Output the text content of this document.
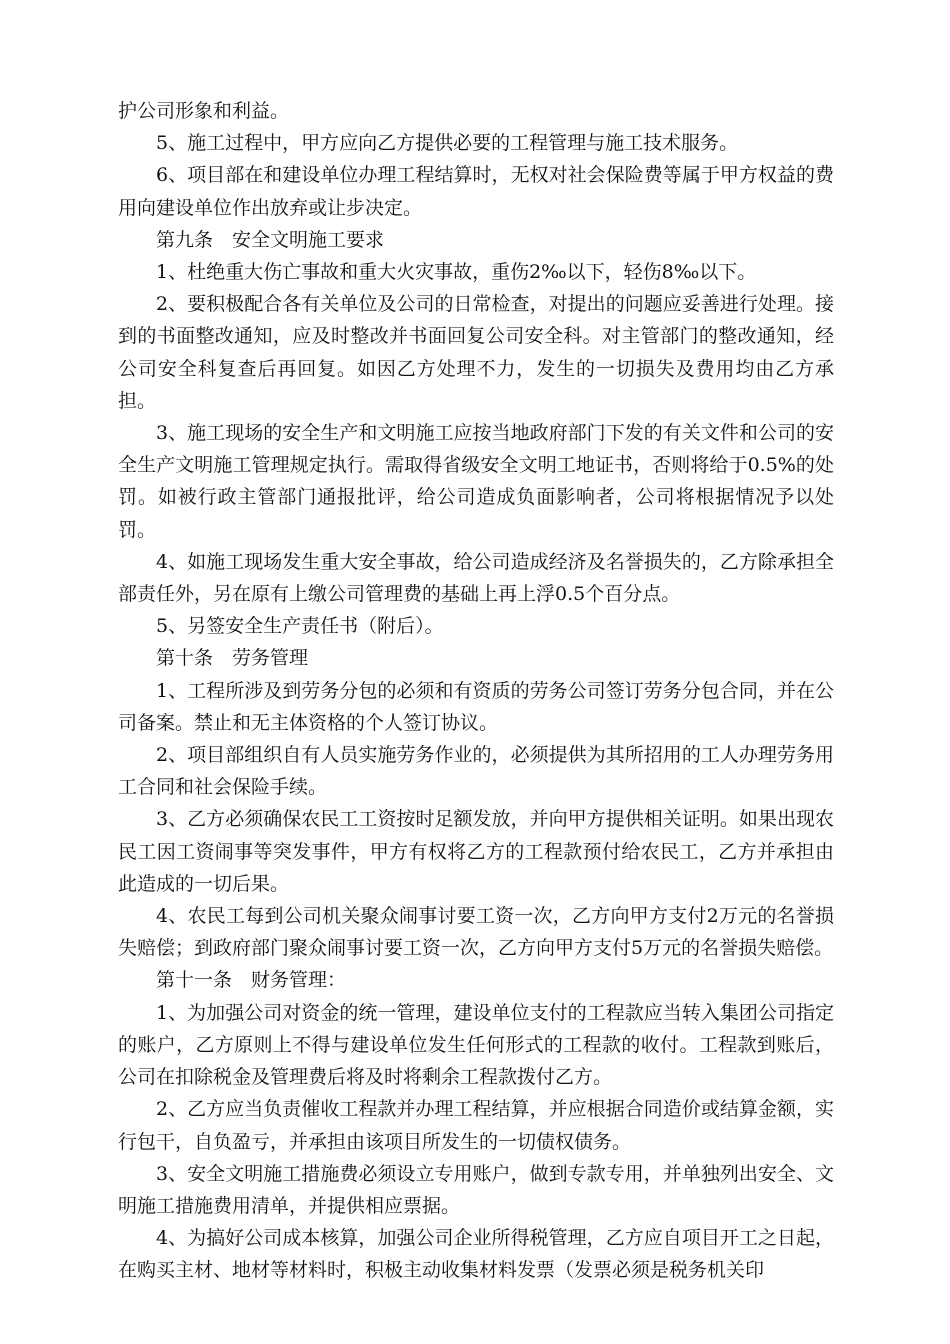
护公司形象和利益。

5、施工过程中，甲方应向乙方提供必要的工程管理与施工技术服务。

6、项目部在和建设单位办理工程结算时，无权对社会保险费等属于甲方权益的费用向建设单位作出放弃或让步决定。

第九条　安全文明施工要求

1、杜绝重大伤亡事故和重大火灾事故，重伤2‰以下，轻伤8‰以下。

2、要积极配合各有关单位及公司的日常检查，对提出的问题应妥善进行处理。接到的书面整改通知，应及时整改并书面回复公司安全科。对主管部门的整改通知，经公司安全科复查后再回复。如因乙方处理不力，发生的一切损失及费用均由乙方承担。

3、施工现场的安全生产和文明施工应按当地政府部门下发的有关文件和公司的安全生产文明施工管理规定执行。需取得省级安全文明工地证书，否则将给于0.5%的处罚。如被行政主管部门通报批评，给公司造成负面影响者，公司将根据情况予以处罚。

4、如施工现场发生重大安全事故，给公司造成经济及名誉损失的，乙方除承担全部责任外，另在原有上缴公司管理费的基础上再上浮0.5个百分点。

5、另签安全生产责任书（附后）。

第十条　劳务管理

1、工程所涉及到劳务分包的必须和有资质的劳务公司签订劳务分包合同，并在公司备案。禁止和无主体资格的个人签订协议。

2、项目部组织自有人员实施劳务作业的，必须提供为其所招用的工人办理劳务用工合同和社会保险手续。

3、乙方必须确保农民工工资按时足额发放，并向甲方提供相关证明。如果出现农民工因工资闹事等突发事件，甲方有权将乙方的工程款预付给农民工，乙方并承担由此造成的一切后果。

4、农民工每到公司机关聚众闹事讨要工资一次，乙方向甲方支付2万元的名誉损失赔偿；到政府部门聚众闹事讨要工资一次，乙方向甲方支付5万元的名誉损失赔偿。

第十一条　财务管理：

1、为加强公司对资金的统一管理，建设单位支付的工程款应当转入集团公司指定的账户，乙方原则上不得与建设单位发生任何形式的工程款的收付。工程款到账后，公司在扣除税金及管理费后将及时将剩余工程款拨付乙方。

2、乙方应当负责催收工程款并办理工程结算，并应根据合同造价或结算金额，实行包干，自负盈亏，并承担由该项目所发生的一切债权债务。

3、安全文明施工措施费必须设立专用账户，做到专款专用，并单独列出安全、文明施工措施费用清单，并提供相应票据。

4、为搞好公司成本核算，加强公司企业所得税管理，乙方应自项目开工之日起，在购买主材、地材等材料时，积极主动收集材料发票（发票必须是税务机关印
